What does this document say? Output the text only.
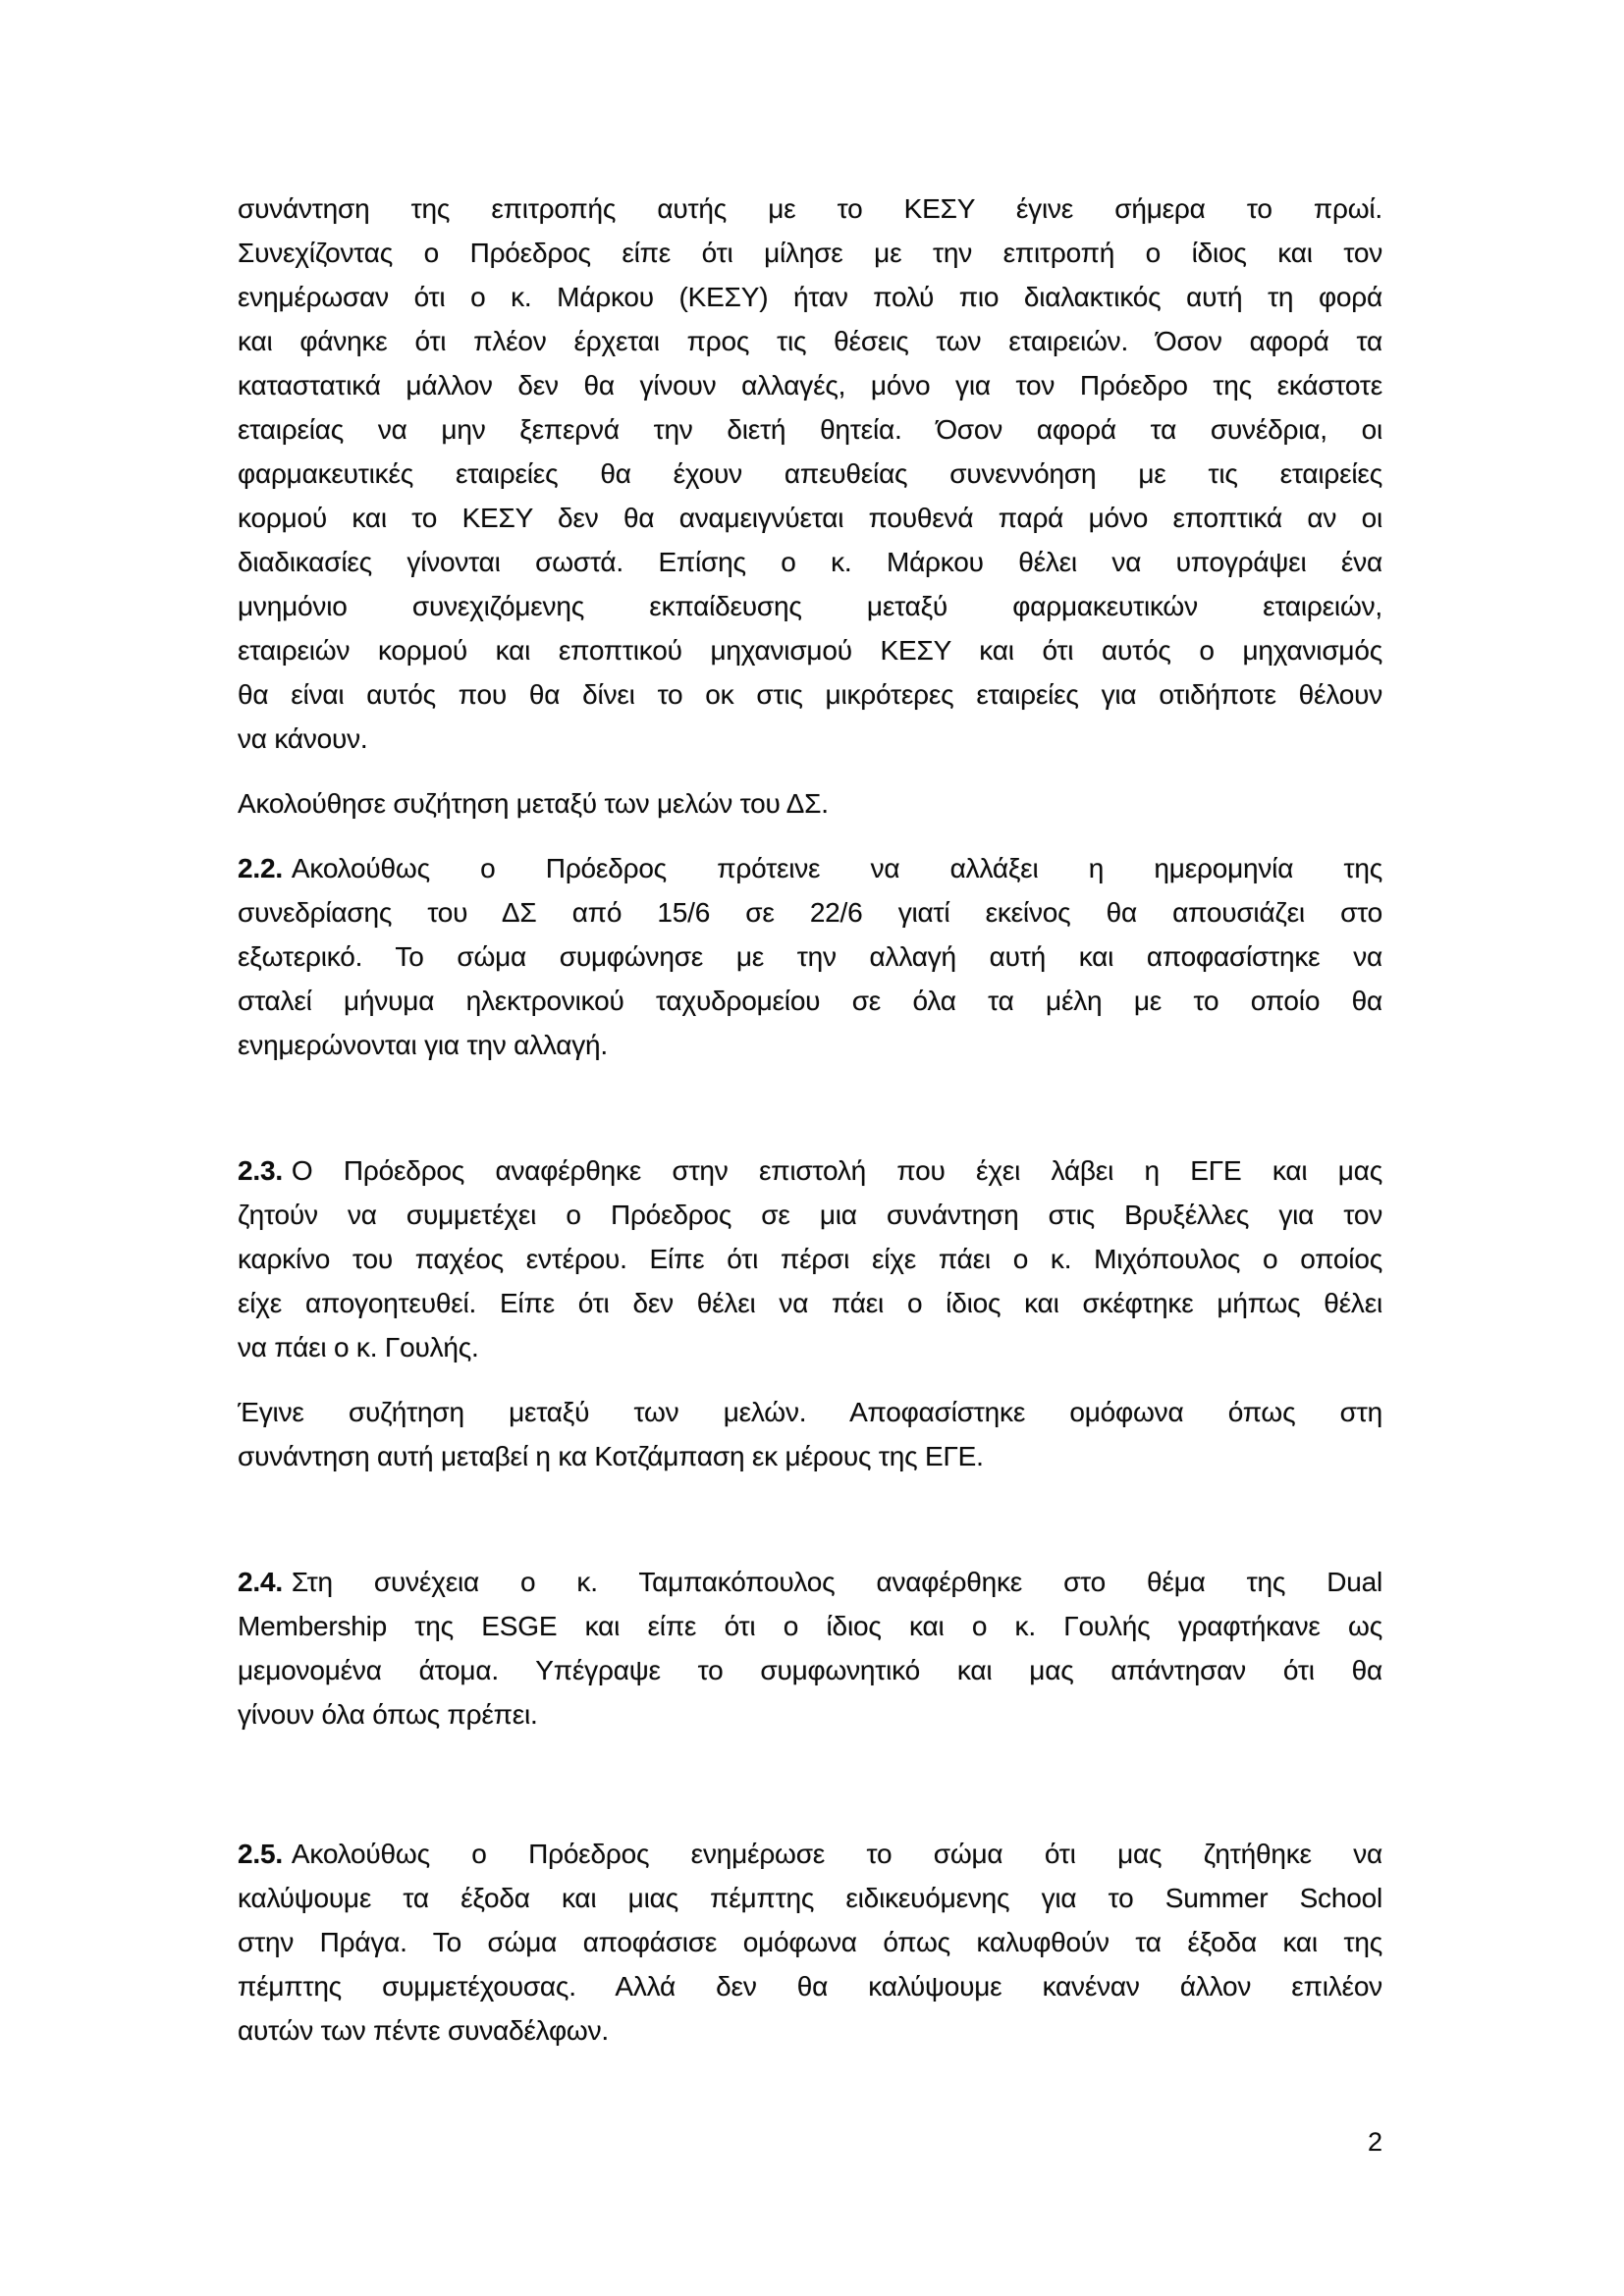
συνάντηση της επιτροπής αυτής με το ΚΕΣΥ έγινε σήμερα το πρωί.
Συνεχίζοντας ο Πρόεδρος είπε ότι μίλησε με την επιτροπή ο ίδιος και τον
ενημέρωσαν ότι ο κ. Μάρκου (ΚΕΣΥ) ήταν πολύ πιο διαλακτικός αυτή τη φορά
και φάνηκε ότι πλέον έρχεται προς τις θέσεις των εταιρειών. Όσον αφορά τα
καταστατικά μάλλον δεν θα γίνουν αλλαγές, μόνο για τον Πρόεδρο της εκάστοτε
εταιρείας να μην ξεπερνά την διετή θητεία. Όσον αφορά τα συνέδρια, οι
φαρμακευτικές εταιρείες θα έχουν απευθείας συνεννόηση με τις εταιρείες
κορμού και το ΚΕΣΥ δεν θα αναμειγνύεται πουθενά παρά μόνο εποπτικά αν οι
διαδικασίες γίνονται σωστά. Επίσης ο κ. Μάρκου θέλει να υπογράψει ένα
μνημόνιο συνεχιζόμενης εκπαίδευσης μεταξύ φαρμακευτικών εταιρειών,
εταιρειών κορμού και εποπτικού μηχανισμού ΚΕΣΥ και ότι αυτός ο μηχανισμός
θα είναι αυτός που θα δίνει το οκ στις μικρότερες εταιρείες για οτιδήποτε θέλουν
να κάνουν.
Ακολούθησε συζήτηση μεταξύ των μελών του ΔΣ.
2.2. Ακολούθως ο Πρόεδρος πρότεινε να αλλάξει η ημερομηνία της
συνεδρίασης του ΔΣ από 15/6 σε 22/6 γιατί εκείνος θα απουσιάζει στο
εξωτερικό. Το σώμα συμφώνησε με την αλλαγή αυτή και αποφασίστηκε να
σταλεί μήνυμα ηλεκτρονικού ταχυδρομείου σε όλα τα μέλη με το οποίο θα
ενημερώνονται για την αλλαγή.
2.3. Ο Πρόεδρος αναφέρθηκε στην επιστολή που έχει λάβει η ΕΓΕ και μας
ζητούν να συμμετέχει ο Πρόεδρος σε μια συνάντηση στις Βρυξέλλες για τον
καρκίνο του παχέος εντέρου. Είπε ότι πέρσι είχε πάει ο κ. Μιχόπουλος ο οποίος
είχε απογοητευθεί. Είπε ότι δεν θέλει να πάει ο ίδιος και σκέφτηκε μήπως θέλει
να πάει ο κ. Γουλής.
Έγινε συζήτηση μεταξύ των μελών. Αποφασίστηκε ομόφωνα όπως στη
συνάντηση αυτή μεταβεί η κα Κοτζάμπαση εκ μέρους της ΕΓΕ.
2.4. Στη συνέχεια ο κ. Ταμπακόπουλος αναφέρθηκε στο θέμα της Dual
Membership της ESGE και είπε ότι ο ίδιος και ο κ. Γουλής γραφτήκανε ως
μεμονομένα άτομα. Υπέγραψε το συμφωνητικό και μας απάντησαν ότι θα
γίνουν όλα όπως πρέπει.
2.5. Ακολούθως ο Πρόεδρος ενημέρωσε το σώμα ότι μας ζητήθηκε να
καλύψουμε τα έξοδα και μιας πέμπτης ειδικευόμενης για το Summer School
στην Πράγα. Το σώμα αποφάσισε ομόφωνα όπως καλυφθούν τα έξοδα και της
πέμπτης συμμετέχουσας. Αλλά δεν θα καλύψουμε κανέναν άλλον επιλέον
αυτών των πέντε συναδέλφων.
2
